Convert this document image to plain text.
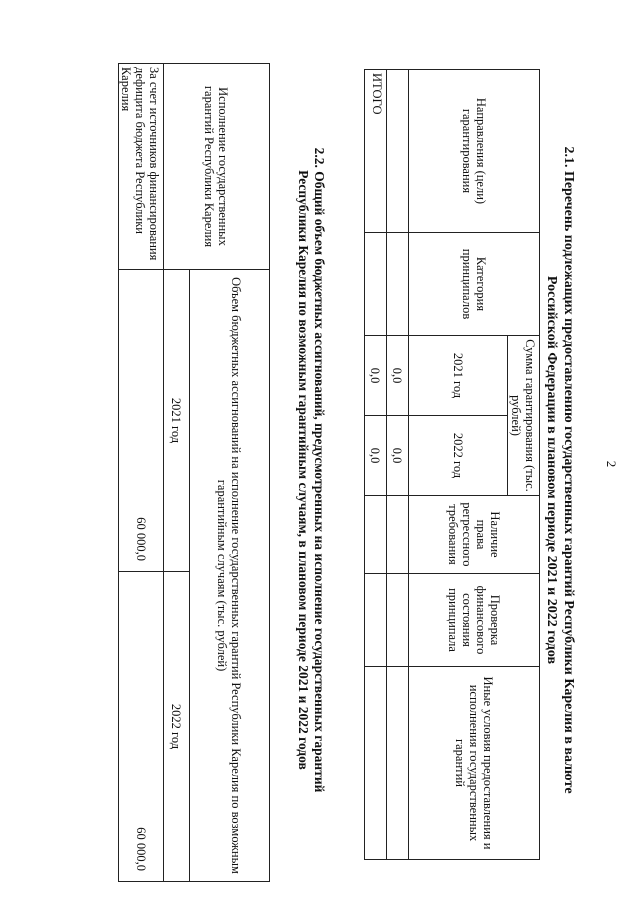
2
2.1. Перечень подлежащих предоставлению государственных гарантий Республики Карелия в валюте
Российской Федерации в плановом периоде 2021 и 2022 годов
Направления (цели) гарантирования	Категория принципалов	Сумма гарантирования (тыс. рублей)		Наличие права регрессного требования	Проверка финансового состояния принципала	Иные условия предоставления и исполнения государственных гарантий
		2021 год	2022 год			
		0,0	0,0			
ИТОГО		0,0	0,0			
2.2. Общий объем бюджетных ассигнований, предусмотренных на исполнение государственных гарантий
Республики Карелия по возможным гарантийным случаям, в плановом периоде 2021 и 2022 годов
Исполнение государственных гарантий Республики Карелия	Объем бюджетных ассигнований на исполнение государственных гарантий Республики Карелия по возможным гарантийным случаям (тыс. рублей)	
	2021 год	2022 год
За счет источников финансирования дефицита бюджета Республики Карелия	60 000,0	60 000,0
